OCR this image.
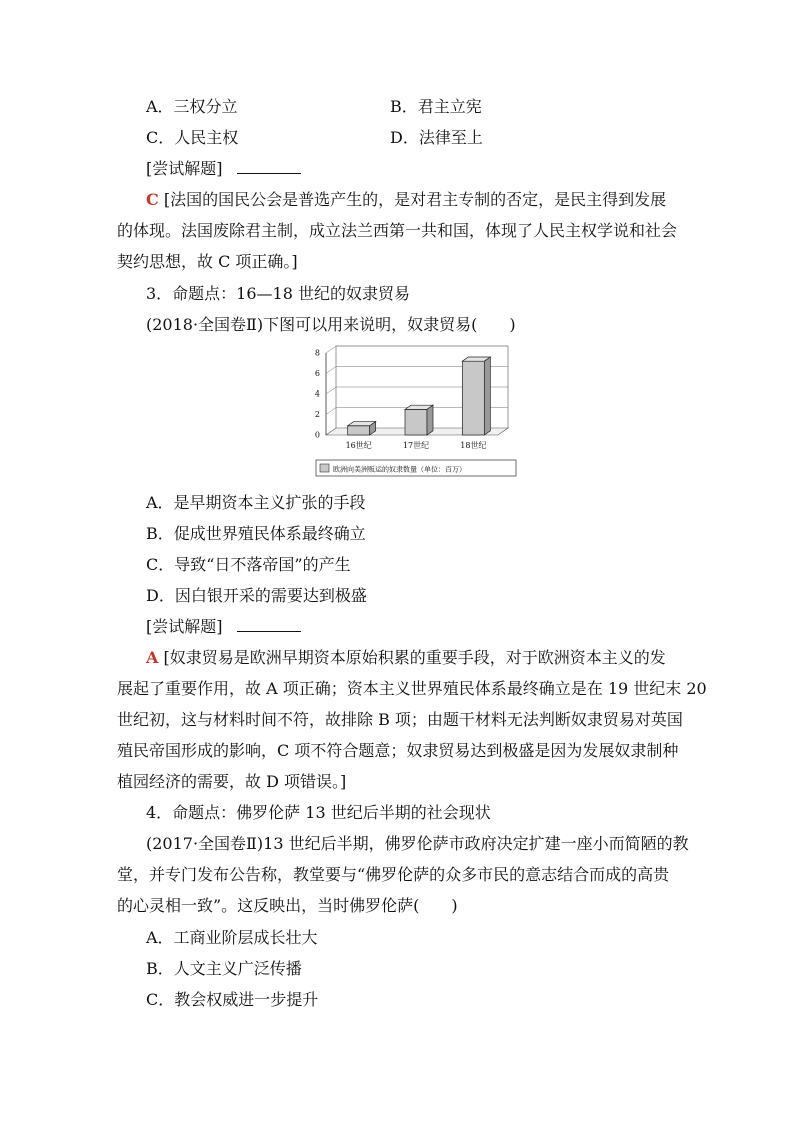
A．三权分立	B．君主立宪
C．人民主权	D．法律至上
[尝试解题]
C [法国的国民公会是普选产生的，是对君主专制的否定，是民主得到发展
的体现。法国废除君主制，成立法兰西第一共和国，体现了人民主权学说和社会
契约思想，故 C 项正确。]
3．命题点：16—18 世纪的奴隶贸易
(2018·全国卷Ⅱ)下图可以用来说明，奴隶贸易(　　)
0
2
4
6
8
16世纪	17世纪	18世纪
欧洲向美洲贩运的奴隶数量（单位：百万）
A．是早期资本主义扩张的手段
B．促成世界殖民体系最终确立
C．导致“日不落帝国”的产生
D．因白银开采的需要达到极盛
[尝试解题]
A [奴隶贸易是欧洲早期资本原始积累的重要手段，对于欧洲资本主义的发
展起了重要作用，故 A 项正确；资本主义世界殖民体系最终确立是在 19 世纪末 20
世纪初，这与材料时间不符，故排除 B 项；由题干材料无法判断奴隶贸易对英国
殖民帝国形成的影响，C 项不符合题意；奴隶贸易达到极盛是因为发展奴隶制种
植园经济的需要，故 D 项错误。]
4．命题点：佛罗伦萨 13 世纪后半期的社会现状
(2017·全国卷Ⅱ)13 世纪后半期，佛罗伦萨市政府决定扩建一座小而简陋的教
堂，并专门发布公告称，教堂要与“佛罗伦萨的众多市民的意志结合而成的高贵
的心灵相一致”。这反映出，当时佛罗伦萨(　　)
A．工商业阶层成长壮大
B．人文主义广泛传播
C．教会权威进一步提升
